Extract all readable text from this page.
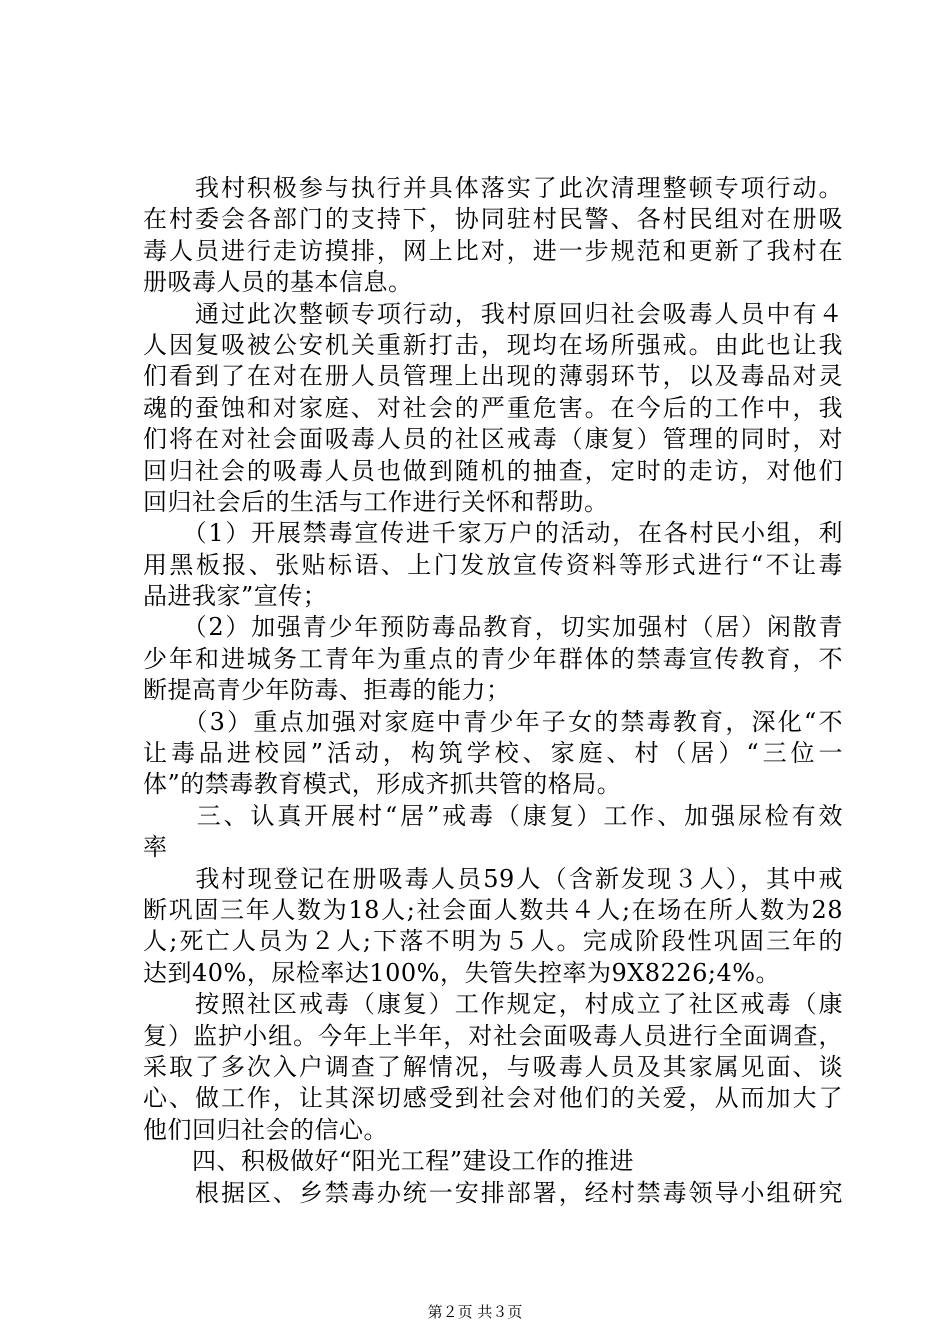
　　我村积极参与执行并具体落实了此次清理整顿专项行动。
在村委会各部门的支持下，协同驻村民警、各村民组对在册吸
毒人员进行走访摸排，网上比对，进一步规范和更新了我村在
册吸毒人员的基本信息。
　　通过此次整顿专项行动，我村原回归社会吸毒人员中有４
人因复吸被公安机关重新打击，现均在场所强戒。由此也让我
们看到了在对在册人员管理上出现的薄弱环节，以及毒品对灵
魂的蚕蚀和对家庭、对社会的严重危害。在今后的工作中，我
们将在对社会面吸毒人员的社区戒毒（康复）管理的同时，对
回归社会的吸毒人员也做到随机的抽查，定时的走访，对他们
回归社会后的生活与工作进行关怀和帮助。
　　（1）开展禁毒宣传进千家万户的活动，在各村民小组，利
用黑板报、张贴标语、上门发放宣传资料等形式进行“不让毒
品进我家”宣传；
　　（2）加强青少年预防毒品教育，切实加强村（居）闲散青
少年和进城务工青年为重点的青少年群体的禁毒宣传教育，不
断提高青少年防毒、拒毒的能力；
　　（3）重点加强对家庭中青少年子女的禁毒教育，深化“不
让毒品进校园”活动，构筑学校、家庭、村（居）“三位一
体”的禁毒教育模式，形成齐抓共管的格局。
　　三、认真开展村“居”戒毒（康复）工作、加强尿检有效
率
　　我村现登记在册吸毒人员59人（含新发现３人），其中戒
断巩固三年人数为18人;社会面人数共４人;在场在所人数为28
人;死亡人员为２人;下落不明为５人。完成阶段性巩固三年的
达到40%，尿检率达100%，失管失控率为9X8226;4%。
　　按照社区戒毒（康复）工作规定，村成立了社区戒毒（康
复）监护小组。今年上半年，对社会面吸毒人员进行全面调查，
采取了多次入户调查了解情况，与吸毒人员及其家属见面、谈
心、做工作，让其深切感受到社会对他们的关爱，从而加大了
他们回归社会的信心。
　　四、积极做好“阳光工程”建设工作的推进
　　根据区、乡禁毒办统一安排部署，经村禁毒领导小组研究
第２页 共３页
